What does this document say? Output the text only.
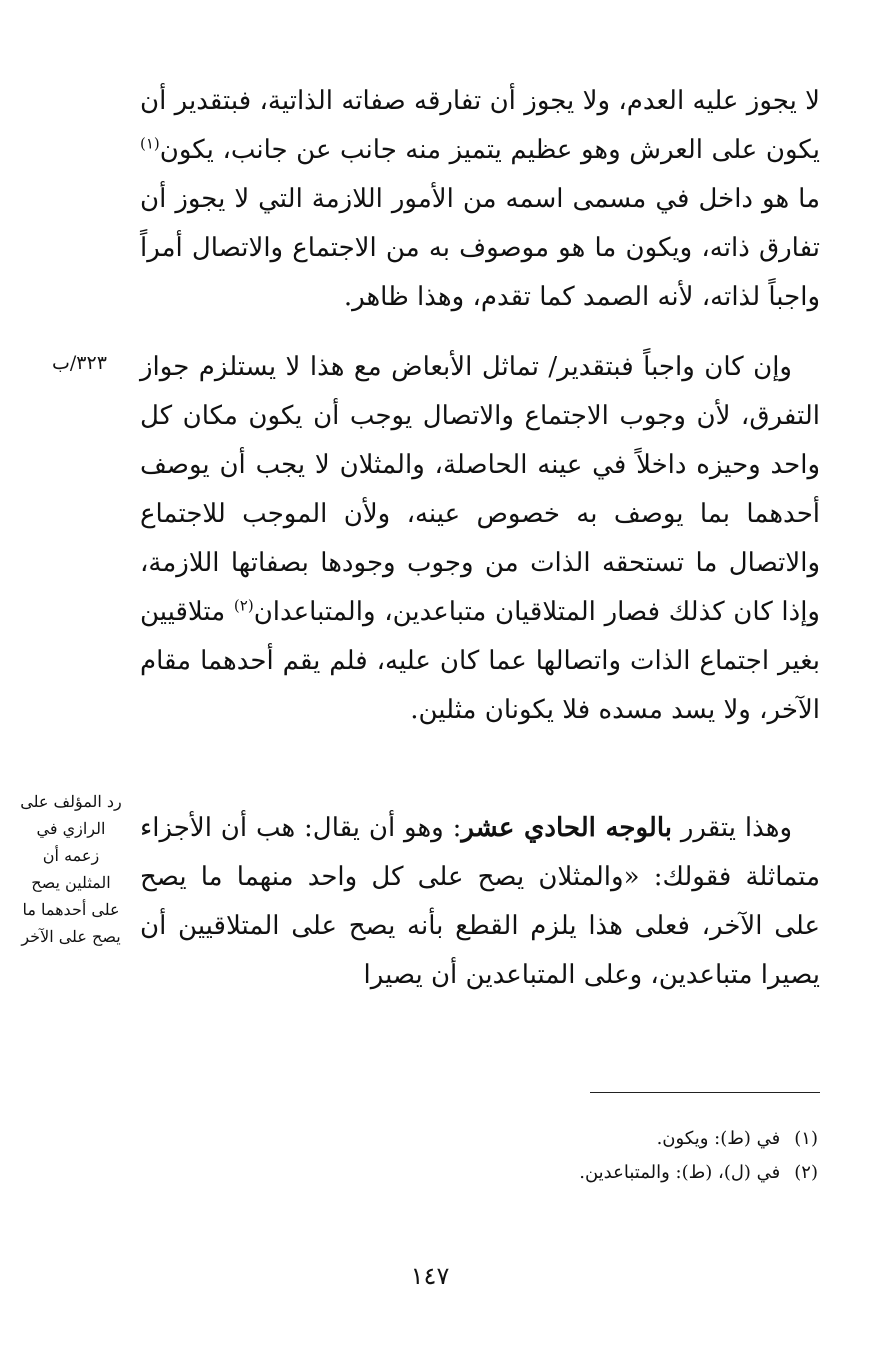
لا يجوز عليه العدم، ولا يجوز أن تفارقه صفاته الذاتية، فبتقدير أن يكون على العرش وهو عظيم يتميز منه جانب عن جانب، يكون$^{(١)}$ ما هو داخل في مسمى اسمه من الأمور اللازمة التي لا يجوز أن تفارق ذاته، ويكون ما هو موصوف به من الاجتماع والاتصال أمراً واجباً لذاته، لأنه الصمد كما تقدم، وهذا ظاهر.

٣٢٣/ب وإن كان واجباً فبتقدير/ تماثل الأبعاض مع هذا لا يستلزم جواز التفرق، لأن وجوب الاجتماع والاتصال يوجب أن يكون مكان كل واحد وحيزه داخلاً في عينه الحاصلة، والمثلان لا يجب أن يوصف أحدهما بما يوصف به خصوص عينه، ولأن الموجب للاجتماع والاتصال ما تستحقه الذات من وجوب وجودها بصفاتها اللازمة، وإذا كان كذلك فصار المتلاقيان متباعدين، والمتباعدان$^{(٢)}$ متلاقيين بغير اجتماع الذات واتصالها عما كان عليه، فلم يقم أحدهما مقام الآخر، ولا يسد مسده فلا يكونان مثلين.

رد المؤلف على الرازي في زعمه أن المثلين يصح على أحدهما ما يصح على الآخر

وهذا يتقرر بالوجه الحادي عشر: وهو أن يقال: هب أن الأجزاء متماثلة فقولك: «والمثلان يصح على كل واحد منهما ما يصح على الآخر، فعلى هذا يلزم القطع بأنه يصح على المتلاقيين أن يصيرا متباعدين، وعلى المتباعدين أن يصيرا

(١)
في (ط): ويكون.
(٢)
في (ل)، (ط): والمتباعدين.
١٤٧
